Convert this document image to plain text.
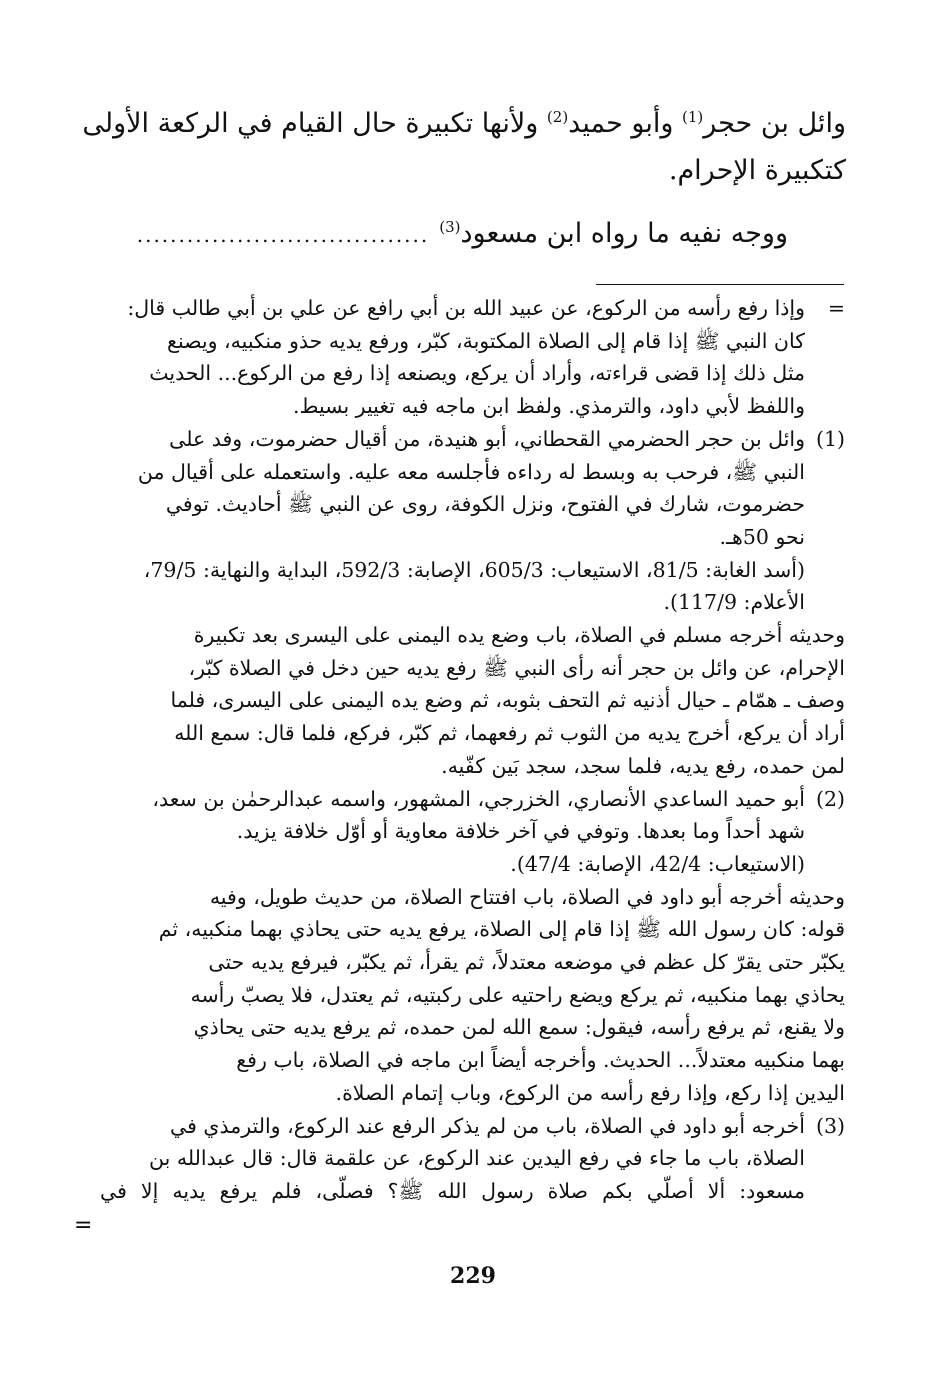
وائل بن حجر$^{(1)}$ وأبو حميد$^{(2)}$ ولأنها تكبيرة حال القيام في الركعة الأولى

كتكبيرة الإحرام.

ووجه نفيه ما رواه ابن مسعود$^{(3)}$
...................................

=
وإذا رفع رأسه من الركوع، عن عبيد الله بن أبي رافع عن علي بن أبي طالب قال:
كان النبي ﷺ إذا قام إلى الصلاة المكتوبة، كبّر، ورفع يديه حذو منكبيه، ويصنع
مثل ذلك إذا قضى قراءته، وأراد أن يركع، ويصنعه إذا رفع من الركوع... الحديث
واللفظ لأبي داود، والترمذي. ولفظ ابن ماجه فيه تغيير بسيط.
(1)
وائل بن حجر الحضرمي القحطاني، أبو هنيدة، من أقيال حضرموت، وفد على
النبي ﷺ، فرحب به وبسط له رداءه فأجلسه معه عليه. واستعمله على أقيال من
حضرموت، شارك في الفتوح، ونزل الكوفة، روى عن النبي ﷺ أحاديث. توفي
نحو 50هـ.
(أسد الغابة: 81/5، الاستيعاب: 605/3، الإصابة: 592/3، البداية والنهاية: 79/5،
الأعلام: 117/9).
وحديثه أخرجه مسلم في الصلاة، باب وضع يده اليمنى على اليسرى بعد تكبيرة
الإحرام، عن وائل بن حجر أنه رأى النبي ﷺ رفع يديه حين دخل في الصلاة كبّر،
وصف ـ همّام ـ حيال أذنيه ثم التحف بثوبه، ثم وضع يده اليمنى على اليسرى، فلما
أراد أن يركع، أخرج يديه من الثوب ثم رفعهما، ثم كبّر، فركع، فلما قال: سمع الله
لمن حمده، رفع يديه، فلما سجد، سجد بَين كفّيه.
(2)
أبو حميد الساعدي الأنصاري، الخزرجي، المشهور، واسمه عبدالرحمٰن بن سعد،
شهد أحداً وما بعدها. وتوفي في آخر خلافة معاوية أو أوّل خلافة يزيد.
(الاستيعاب: 42/4، الإصابة: 47/4).
وحديثه أخرجه أبو داود في الصلاة، باب افتتاح الصلاة، من حديث طويل، وفيه
قوله: كان رسول الله ﷺ إذا قام إلى الصلاة، يرفع يديه حتى يحاذي بهما منكبيه، ثم
يكبّر حتى يقرّ كل عظم في موضعه معتدلاً، ثم يقرأ، ثم يكبّر، فيرفع يديه حتى
يحاذي بهما منكبيه، ثم يركع ويضع راحتيه على ركبتيه، ثم يعتدل، فلا يصبّ رأسه
ولا يقنع، ثم يرفع رأسه، فيقول: سمع الله لمن حمده، ثم يرفع يديه حتى يحاذي
بهما منكبيه معتدلاً... الحديث. وأخرجه أيضاً ابن ماجه في الصلاة، باب رفع
اليدين إذا ركع، وإذا رفع رأسه من الركوع، وباب إتمام الصلاة.
(3)
أخرجه أبو داود في الصلاة، باب من لم يذكر الرفع عند الركوع، والترمذي في
الصلاة، باب ما جاء في رفع اليدين عند الركوع، عن علقمة قال: قال عبدالله بن
مسعود: ألا أصلّي بكم صلاة رسول الله ﷺ؟ فصلّى، فلم يرفع يديه إلا في
=
229
